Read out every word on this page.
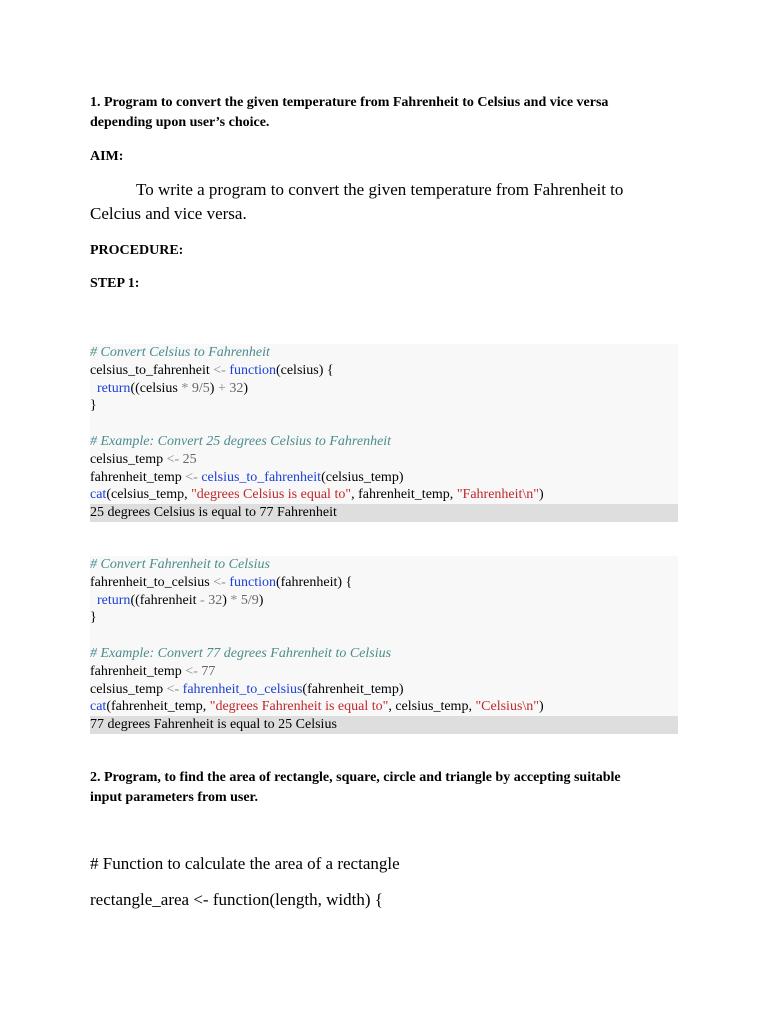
1. Program to convert the given temperature from Fahrenheit to Celsius and vice versa
depending upon user’s choice.
AIM:
To write a program to convert the given temperature from Fahrenheit to
Celcius and vice versa.
PROCEDURE:
STEP 1:
# Convert Celsius to Fahrenheit
celsius_to_fahrenheit <- function(celsius) {
return((celsius * 9/5) + 32)
}
# Example: Convert 25 degrees Celsius to Fahrenheit
celsius_temp <- 25
fahrenheit_temp <- celsius_to_fahrenheit(celsius_temp)
cat(celsius_temp, "degrees Celsius is equal to", fahrenheit_temp, "Fahrenheit\n")
25 degrees Celsius is equal to 77 Fahrenheit
# Convert Fahrenheit to Celsius
fahrenheit_to_celsius <- function(fahrenheit) {
return((fahrenheit - 32) * 5/9)
}
# Example: Convert 77 degrees Fahrenheit to Celsius
fahrenheit_temp <- 77
celsius_temp <- fahrenheit_to_celsius(fahrenheit_temp)
cat(fahrenheit_temp, "degrees Fahrenheit is equal to", celsius_temp, "Celsius\n")
77 degrees Fahrenheit is equal to 25 Celsius
2. Program, to find the area of rectangle, square, circle and triangle by accepting suitable
input parameters from user.
# Function to calculate the area of a rectangle
rectangle_area <- function(length, width) {
